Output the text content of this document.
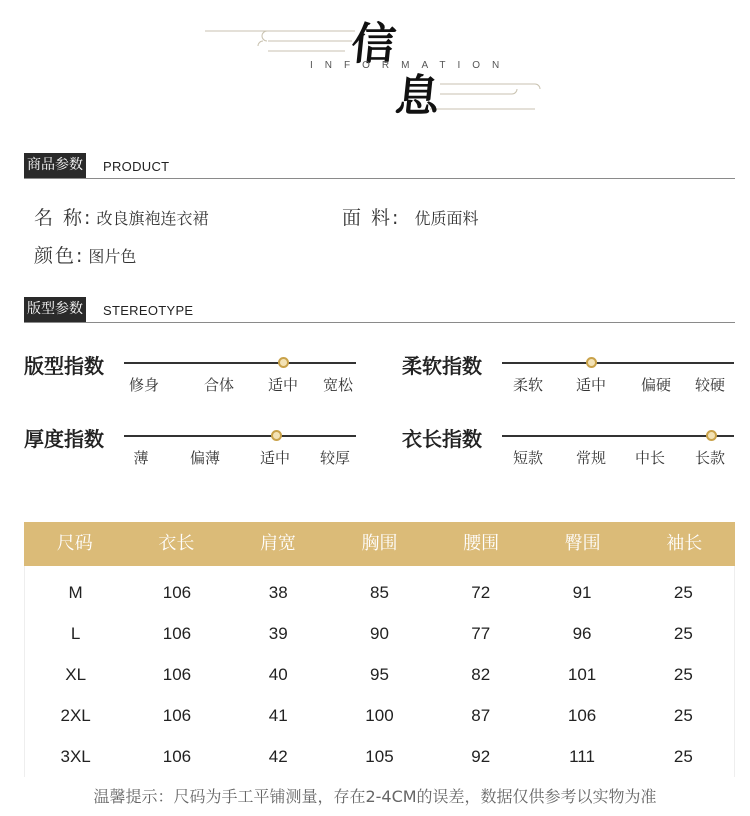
信
INFORMATION
息
商品参数 PRODUCT
名 称: 改良旗袍连衣裙	面 料: 优质面料
颜色: 图片色
版型参数 STEREOTYPE
版型指数
修身	合体 适中 宽松
柔软指数
柔软 适中 偏硬 较硬
厚度指数
薄	偏薄	适中 较厚
衣长指数
短款 常规 中长 长款
尺码	衣长	肩宽	胸围	腰围	臀围	袖长
M	106	38	85	72	91	25
L	106	39	90	77	96	25
XL	106	40	95	82	101	25
2XL	106	41	100	87	106	25
3XL	106	42	105	92	111	25
温馨提示：尺码为手工平铺测量，存在2-4CM的误差，数据仅供参考以实物为准
